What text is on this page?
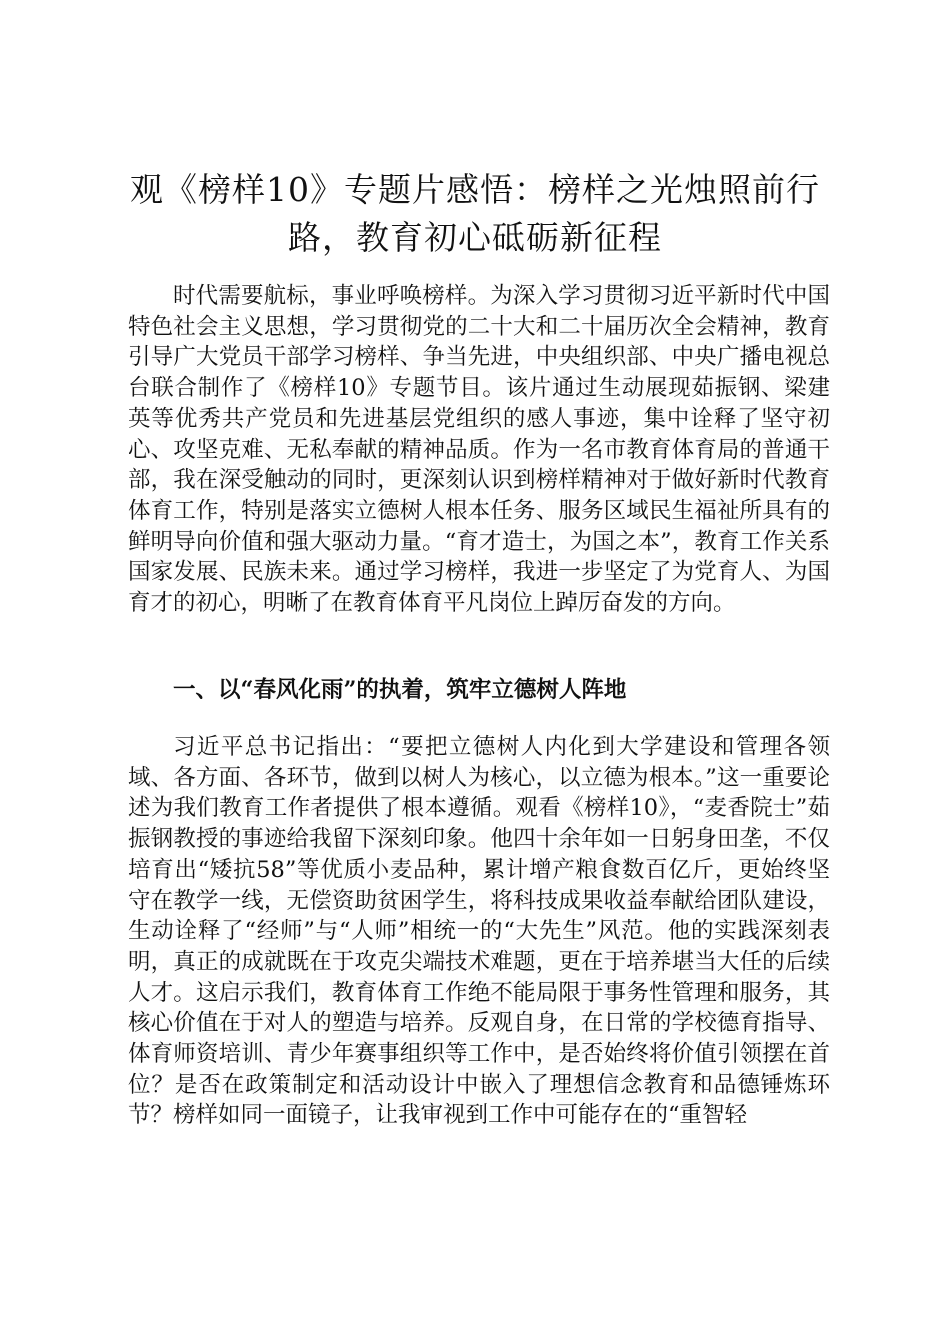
观《榜样10》专题片感悟：榜样之光烛照前行路，教育初心砥砺新征程

时代需要航标，事业呼唤榜样。为深入学习贯彻习近平新时代中国特色社会主义思想，学习贯彻党的二十大和二十届历次全会精神，教育引导广大党员干部学习榜样、争当先进，中央组织部、中央广播电视总台联合制作了《榜样10》专题节目。该片通过生动展现茹振钢、梁建英等优秀共产党员和先进基层党组织的感人事迹，集中诠释了坚守初心、攻坚克难、无私奉献的精神品质。作为一名市教育体育局的普通干部，我在深受触动的同时，更深刻认识到榜样精神对于做好新时代教育体育工作，特别是落实立德树人根本任务、服务区域民生福祉所具有的鲜明导向价值和强大驱动力量。“育才造士，为国之本”，教育工作关系国家发展、民族未来。通过学习榜样，我进一步坚定了为党育人、为国育才的初心，明晰了在教育体育平凡岗位上踔厉奋发的方向。

一、以“春风化雨”的执着，筑牢立德树人阵地

习近平总书记指出：“要把立德树人内化到大学建设和管理各领域、各方面、各环节，做到以树人为核心，以立德为根本。”这一重要论述为我们教育工作者提供了根本遵循。观看《榜样10》，“麦香院士”茹振钢教授的事迹给我留下深刻印象。他四十余年如一日躬身田垄，不仅培育出“矮抗58”等优质小麦品种，累计增产粮食数百亿斤，更始终坚守在教学一线，无偿资助贫困学生，将科技成果收益奉献给团队建设，生动诠释了“经师”与“人师”相统一的“大先生”风范。他的实践深刻表明，真正的成就既在于攻克尖端技术难题，更在于培养堪当大任的后续人才。这启示我们，教育体育工作绝不能局限于事务性管理和服务，其核心价值在于对人的塑造与培养。反观自身，在日常的学校德育指导、体育师资培训、青少年赛事组织等工作中，是否始终将价值引领摆在首位？是否在政策制定和活动设计中嵌入了理想信念教育和品德锤炼环节？榜样如同一面镜子，让我审视到工作中可能存在的“重智轻
